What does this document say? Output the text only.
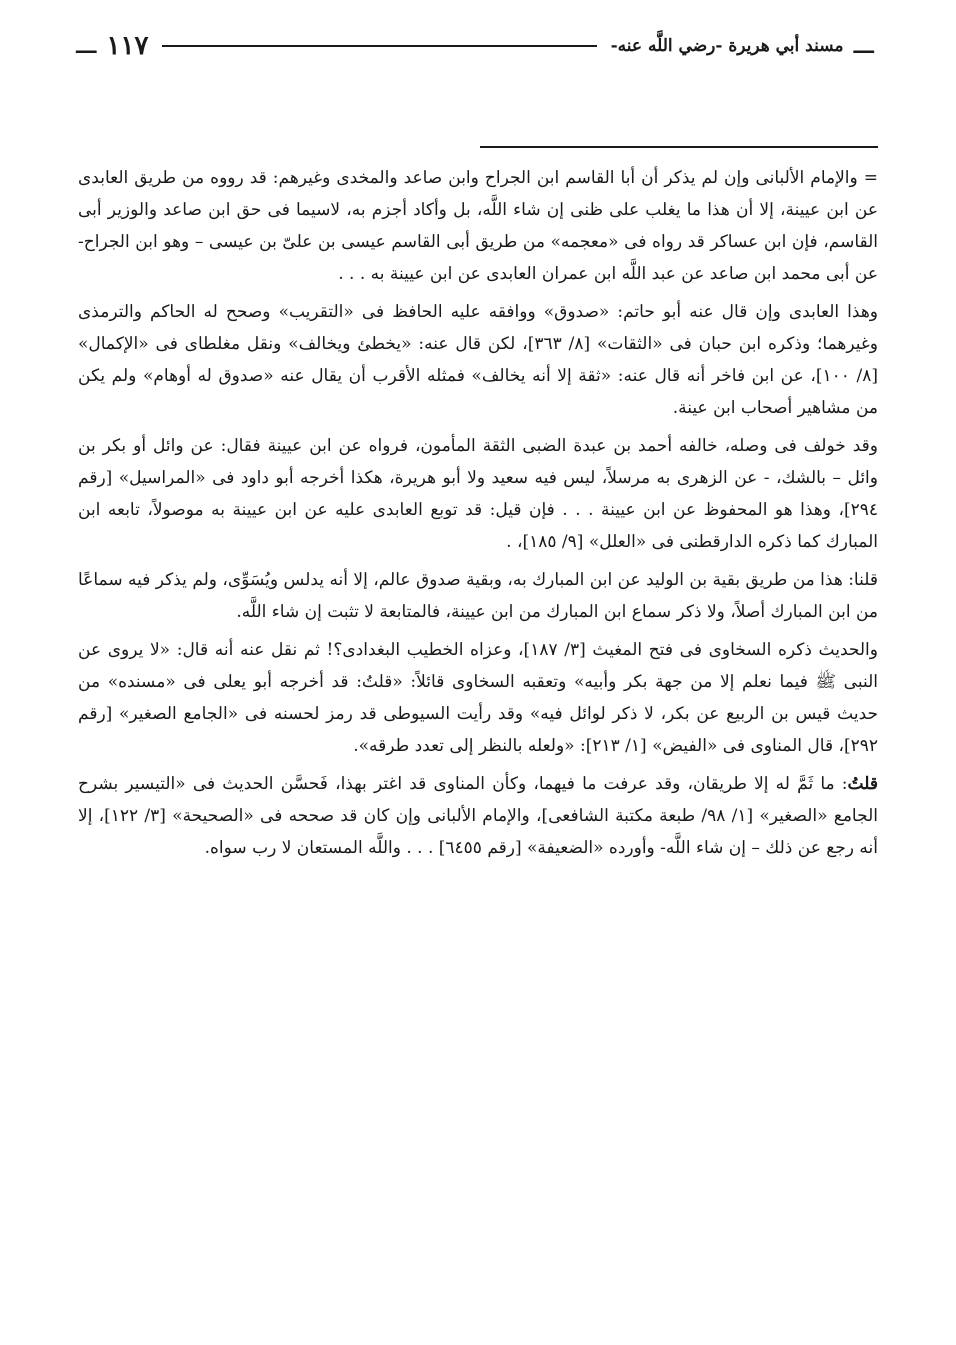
ـــ
مسند أبي هريرة -رضي اللَّه عنه-
١١٧
ـــ

= والإمام الألبانى وإن لم يذكر أن أبا القاسم ابن الجراح وابن صاعد والمخدى وغيرهم: قد رووه من طريق العابدى عن ابن عيينة، إلا أن هذا ما يغلب على ظنى إن شاء اللَّه، بل وأكاد أجزم به، لاسيما فى حق ابن صاعد والوزير أبى القاسم، فإن ابن عساكر قد رواه فى «معجمه» من طريق أبى القاسم عيسى بن علىّ بن عيسى – وهو ابن الجراح- عن أبى محمد ابن صاعد عن عبد اللَّه ابن عمران العابدى عن ابن عيينة به . . .

وهذا العابدى وإن قال عنه أبو حاتم: «صدوق» ووافقه عليه الحافظ فى «التقريب» وصحح له الحاكم والترمذى وغيرهما؛ وذكره ابن حبان فى «الثقات» [٨/ ٣٦٣]، لكن قال عنه: «يخطئ ويخالف» ونقل مغلطاى فى «الإكمال» [٨/ ١٠٠]، عن ابن فاخر أنه قال عنه: «ثقة إلا أنه يخالف» فمثله الأقرب أن يقال عنه «صدوق له أوهام» ولم يكن من مشاهير أصحاب ابن عينة.

وقد خولف فى وصله، خالفه أحمد بن عبدة الضبى الثقة المأمون، فرواه عن ابن عيينة فقال: عن وائل أو بكر بن وائل – بالشك، - عن الزهرى به مرسلاً، ليس فيه سعيد ولا أبو هريرة، هكذا أخرجه أبو داود فى «المراسيل» [رقم ٢٩٤]، وهذا هو المحفوظ عن ابن عيينة . . . فإن قيل: قد توبع العابدى عليه عن ابن عيينة به موصولاً، تابعه ابن المبارك كما ذكره الدارقطنى فى «العلل» [٩/ ١٨٥]، .

قلنا: هذا من طريق بقية بن الوليد عن ابن المبارك به، وبقية صدوق عالم، إلا أنه يدلس ويُسَوِّى، ولم يذكر فيه سماعًا من ابن المبارك أصلاً، ولا ذكر سماع ابن المبارك من ابن عيينة، فالمتابعة لا تثبت إن شاء اللَّه.

والحديث ذكره السخاوى فى فتح المغيث [٣/ ١٨٧]، وعزاه الخطيب البغدادى؟! ثم نقل عنه أنه قال: «لا يروى عن النبى ﷺ فيما نعلم إلا من جهة بكر وأبيه» وتعقبه السخاوى قائلاً: «قلتُ: قد أخرجه أبو يعلى فى «مسنده» من حديث قيس بن الربيع عن بكر، لا ذكر لوائل فيه» وقد رأيت السيوطى قد رمز لحسنه فى «الجامع الصغير» [رقم ٢٩٢]، قال المناوى فى «الفيض» [١/ ٢١٣]: «ولعله بالنظر إلى تعدد طرقه».

قلتُ: ما ثَمَّ له إلا طريقان، وقد عرفت ما فيهما، وكأن المناوى قد اغتر بهذا، فَحسَّن الحديث فى «التيسير بشرح الجامع «الصغير» [١/ ٩٨/ طبعة مكتبة الشافعى]، والإمام الألبانى وإن كان قد صححه فى «الصحيحة» [٣/ ١٢٢]، إلا أنه رجع عن ذلك – إن شاء اللَّه- وأورده «الضعيفة» [رقم ٦٤٥٥] . . . واللَّه المستعان لا رب سواه.
